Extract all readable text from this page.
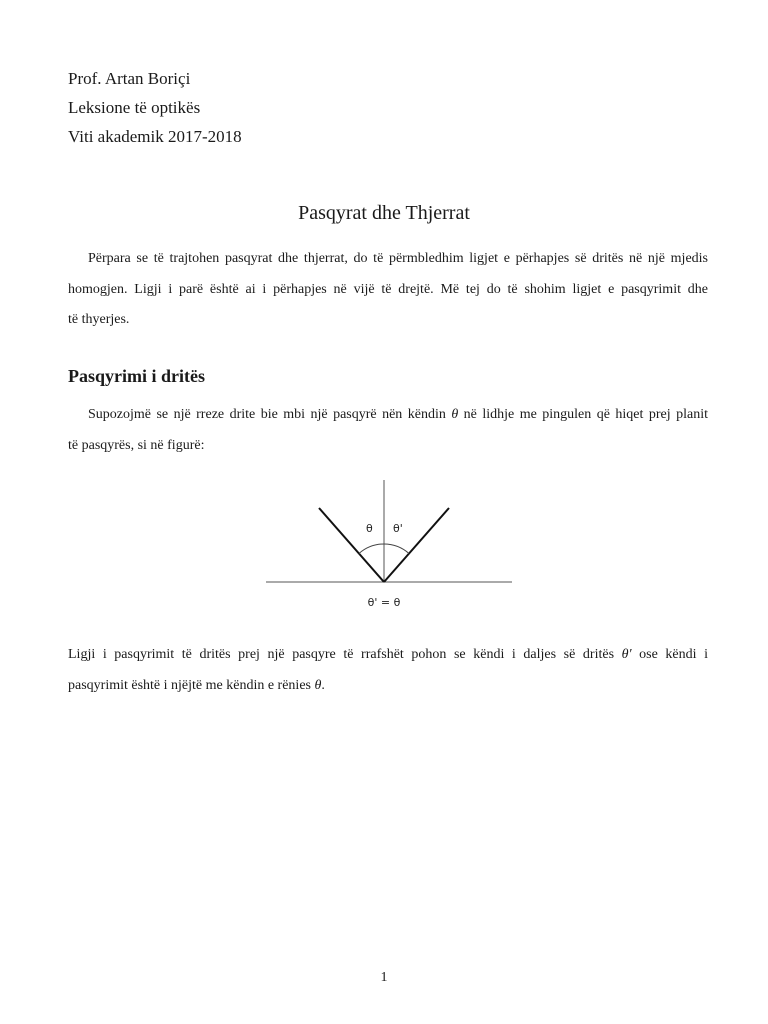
Prof. Artan Boriçi
Leksione të optikës
Viti akademik 2017-2018
Pasqyrat dhe Thjerrat

Përpara se të trajtohen pasqyrat dhe thjerrat, do të përmbledhim ligjet e përhapjes së dritës në një mjedis
homogjen. Ligji i parë është ai i përhapjes në vijë të drejtë. Më tej do të shohim ligjet e pasqyrimit dhe
të thyerjes.

Pasqyrimi i dritës

Supozojmë se një rreze drite bie mbi një pasqyrë nën këndin θ në lidhje me pingulen që hiqet prej planit
të pasqyrës, si në figurë:

θ θ'
θ' = θ

Ligji i pasqyrimit të dritës prej një pasqyre të rrafshët pohon se këndi i daljes së dritës θ′ ose këndi i
pasqyrimit është i njëjtë me këndin e rënies θ.

1
